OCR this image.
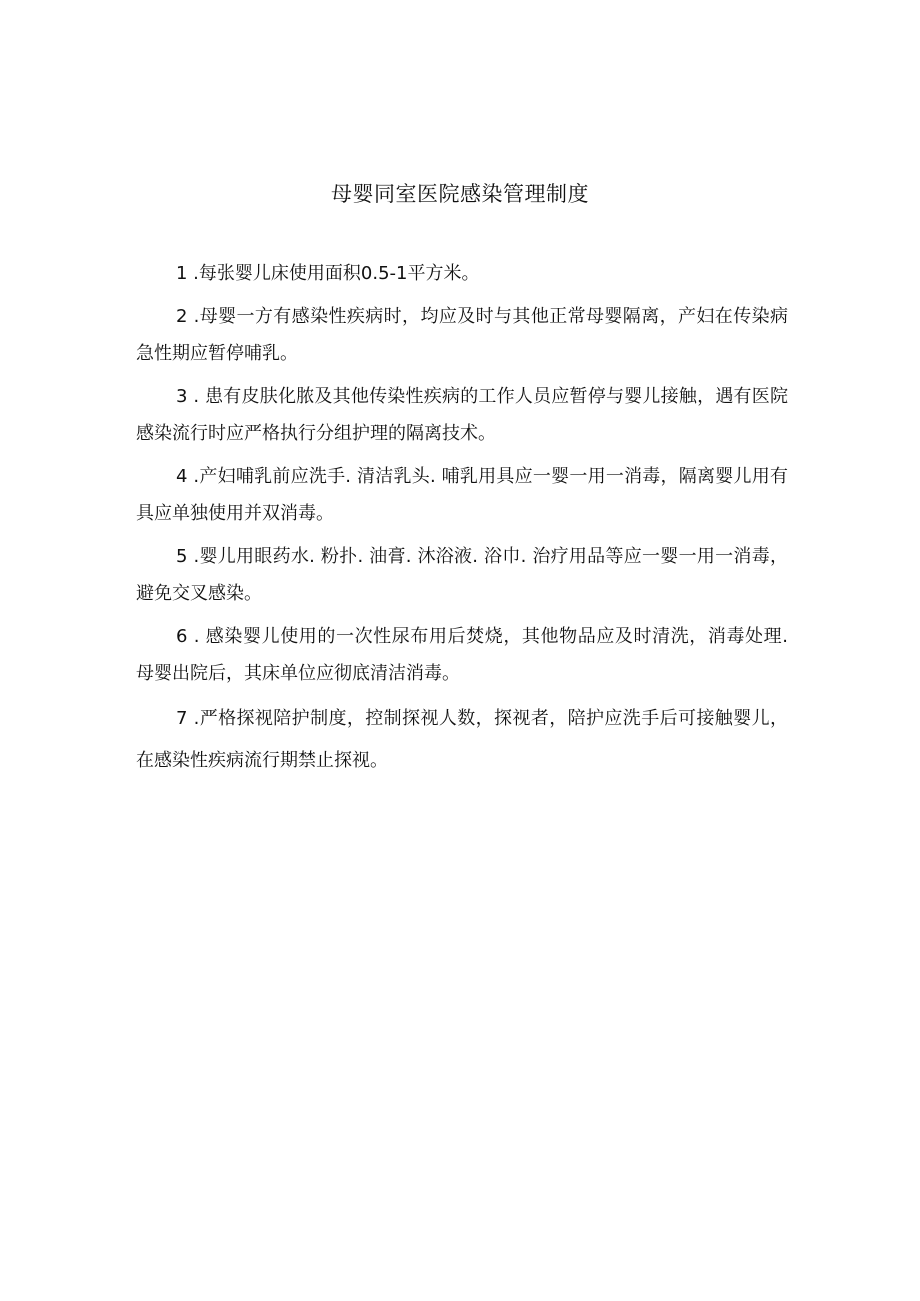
母婴同室医院感染管理制度

1 .每张婴儿床使用面积0.5-1平方米。

2 .母婴一方有感染性疾病时，均应及时与其他正常母婴隔离，产妇在传染病急性期应暂停哺乳。

3 . 患有皮肤化脓及其他传染性疾病的工作人员应暂停与婴儿接触，遇有医院感染流行时应严格执行分组护理的隔离技术。

4 .产妇哺乳前应洗手. 清洁乳头. 哺乳用具应一婴一用一消毒，隔离婴儿用有具应单独使用并双消毒。

5 .婴儿用眼药水. 粉扑. 油膏. 沐浴液. 浴巾. 治疗用品等应一婴一用一消毒，避免交叉感染。

6 . 感染婴儿使用的一次性尿布用后焚烧，其他物品应及时清洗，消毒处理. 母婴出院后，其床单位应彻底清洁消毒。

7 .严格探视陪护制度，控制探视人数，探视者，陪护应洗手后可接触婴儿，在感染性疾病流行期禁止探视。
